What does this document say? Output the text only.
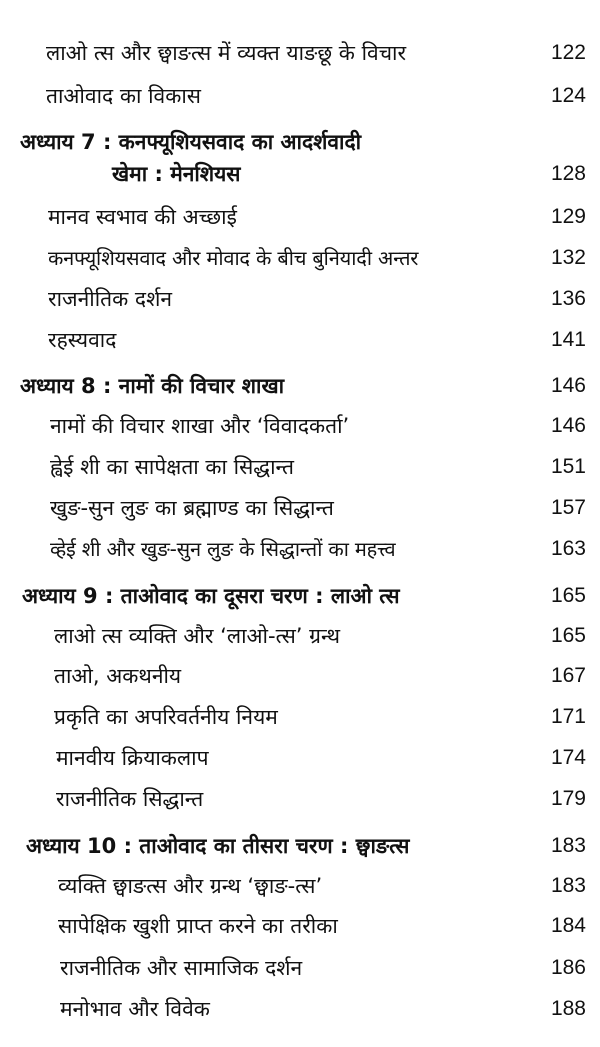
लाओ त्स और छ्वाङत्स में व्यक्त याङछू के विचार	122
ताओवाद का विकास	124
अध्याय 7 : कनफ्यूशियसवाद का आदर्शवादी
खेमा : मेनशियस	128
मानव स्वभाव की अच्छाई	129
कनफ्यूशियसवाद और मोवाद के बीच बुनियादी अन्तर	132
राजनीतिक दर्शन	136
रहस्यवाद	141
अध्याय 8 : नामों की विचार शाखा	146
नामों की विचार शाखा और ‘विवादकर्ता’	146
ह्वेई शी का सापेक्षता का सिद्धान्त	151
खुङ-सुन लुङ का ब्रह्माण्ड का सिद्धान्त	157
व्हेई शी और खुङ-सुन लुङ के सिद्धान्तों का महत्त्व	163
अध्याय 9 : ताओवाद का दूसरा चरण : लाओ त्स	165
लाओ त्स व्यक्ति और ‘लाओ-त्स’ ग्रन्थ	165
ताओ, अकथनीय	167
प्रकृति का अपरिवर्तनीय नियम	171
मानवीय क्रियाकलाप	174
राजनीतिक सिद्धान्त	179
अध्याय 10 : ताओवाद का तीसरा चरण : छ्वाङत्स	183
व्यक्ति छ्वाङत्स और ग्रन्थ ‘छ्वाङ-त्स’	183
सापेक्षिक खुशी प्राप्त करने का तरीका	184
राजनीतिक और सामाजिक दर्शन	186
मनोभाव और विवेक	188
